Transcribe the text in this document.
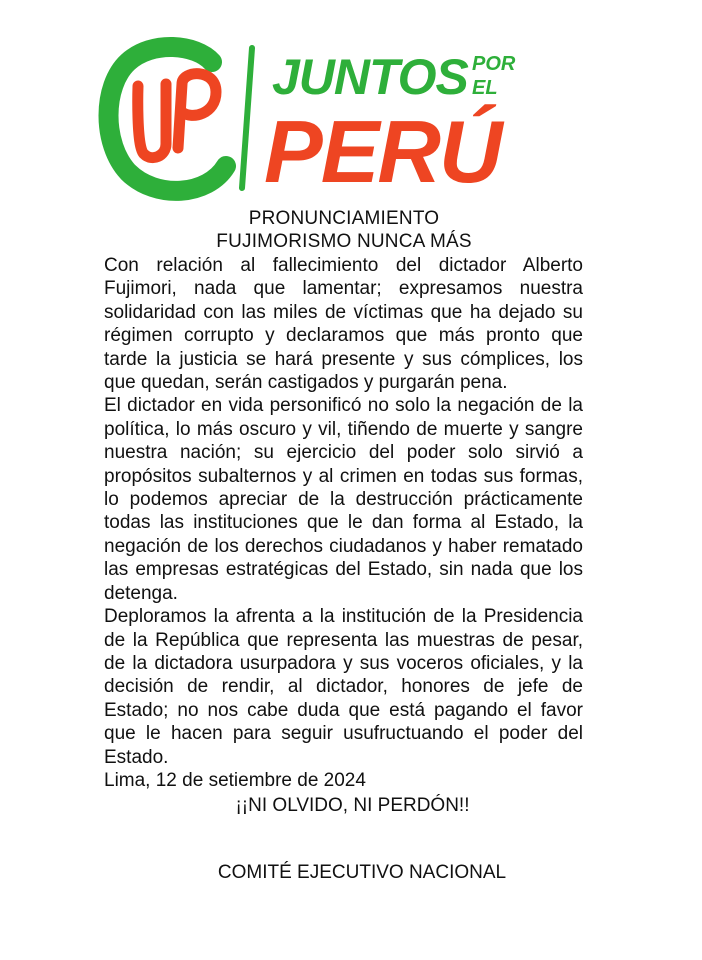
JUNTOS POR
EL
PERÚ
PRONUNCIAMIENTO
FUJIMORISMO NUNCA MÁS

Con relación al fallecimiento del dictador Alberto Fujimori, nada que lamentar; expresamos nuestra solidaridad con las miles de víctimas que ha dejado su régimen corrupto y declaramos que más pronto que tarde la justicia se hará presente y sus cómplices, los que quedan, serán castigados y purgarán pena.

El dictador en vida personificó no solo la negación de la política, lo más oscuro y vil, tiñendo de muerte y sangre nuestra nación; su ejercicio del poder solo sirvió a propósitos subalternos y al crimen en todas sus formas, lo podemos apreciar de la destrucción prácticamente todas las instituciones que le dan forma al Estado, la negación de los derechos ciudadanos y haber rematado las empresas estratégicas del Estado, sin nada que los detenga.

Deploramos la afrenta a la institución de la Presidencia de la República que representa las muestras de pesar, de la dictadora usurpadora y sus voceros oficiales, y la decisión de rendir, al dictador, honores de jefe de Estado; no nos cabe duda que está pagando el favor que le hacen para seguir usufructuando el poder del Estado.

Lima, 12 de setiembre de 2024

¡¡NI OLVIDO, NI PERDÓN!!

COMITÉ EJECUTIVO NACIONAL
